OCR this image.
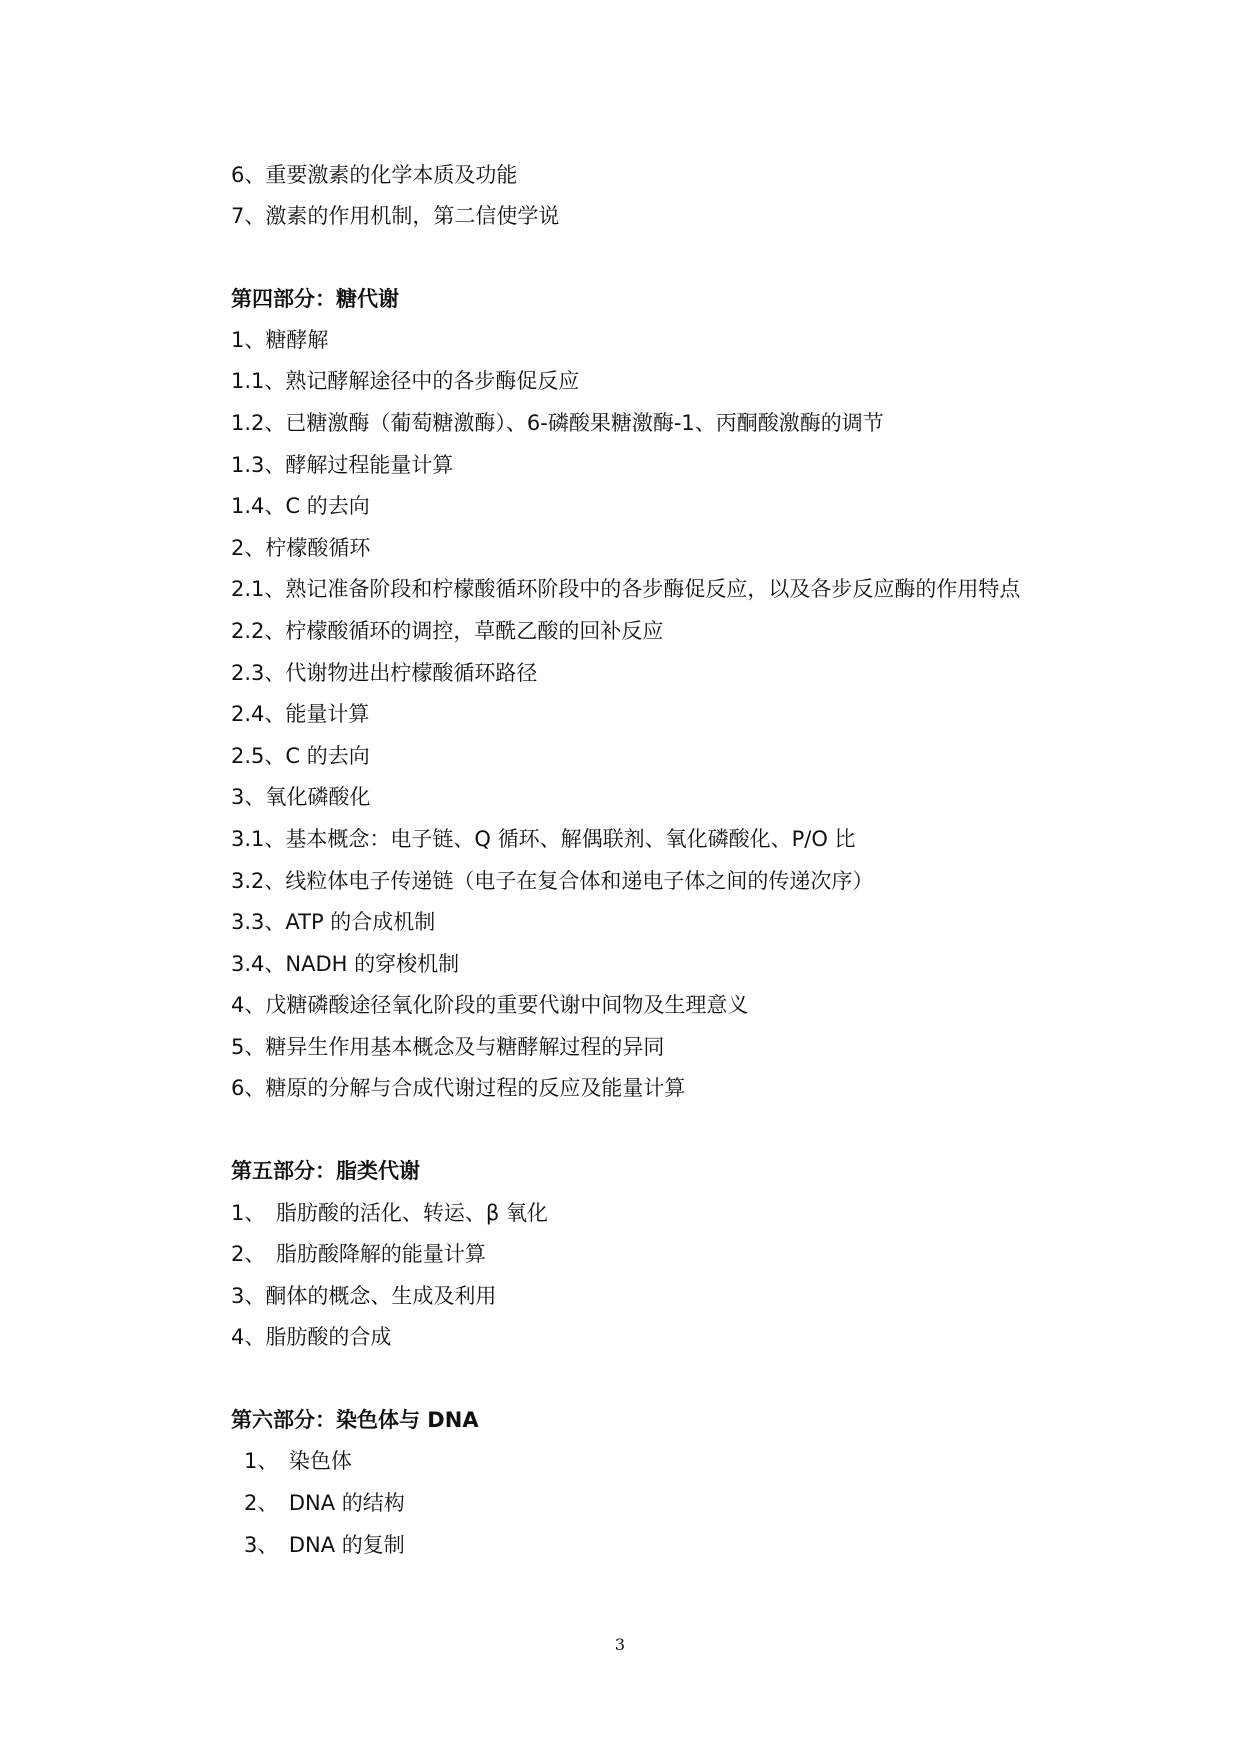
6、重要激素的化学本质及功能

7、激素的作用机制，第二信使学说

第四部分：糖代谢

1、糖酵解

1.1、熟记酵解途径中的各步酶促反应

1.2、已糖激酶（葡萄糖激酶）、6-磷酸果糖激酶-1、丙酮酸激酶的调节

1.3、酵解过程能量计算

1.4、C 的去向

2、柠檬酸循环

2.1、熟记准备阶段和柠檬酸循环阶段中的各步酶促反应，以及各步反应酶的作用特点

2.2、柠檬酸循环的调控，草酰乙酸的回补反应

2.3、代谢物进出柠檬酸循环路径

2.4、能量计算

2.5、C 的去向

3、氧化磷酸化

3.1、基本概念：电子链、Q 循环、解偶联剂、氧化磷酸化、P/O 比

3.2、线粒体电子传递链（电子在复合体和递电子体之间的传递次序）

3.3、ATP 的合成机制

3.4、NADH 的穿梭机制

4、戊糖磷酸途径氧化阶段的重要代谢中间物及生理意义

5、糖异生作用基本概念及与糖酵解过程的异同

6、糖原的分解与合成代谢过程的反应及能量计算

第五部分：脂类代谢

1、　脂肪酸的活化、转运、β 氧化

2、　脂肪酸降解的能量计算

3、酮体的概念、生成及利用

4、脂肪酸的合成

第六部分：染色体与 DNA

1、　染色体

2、　DNA 的结构

3、　DNA 的复制

3
